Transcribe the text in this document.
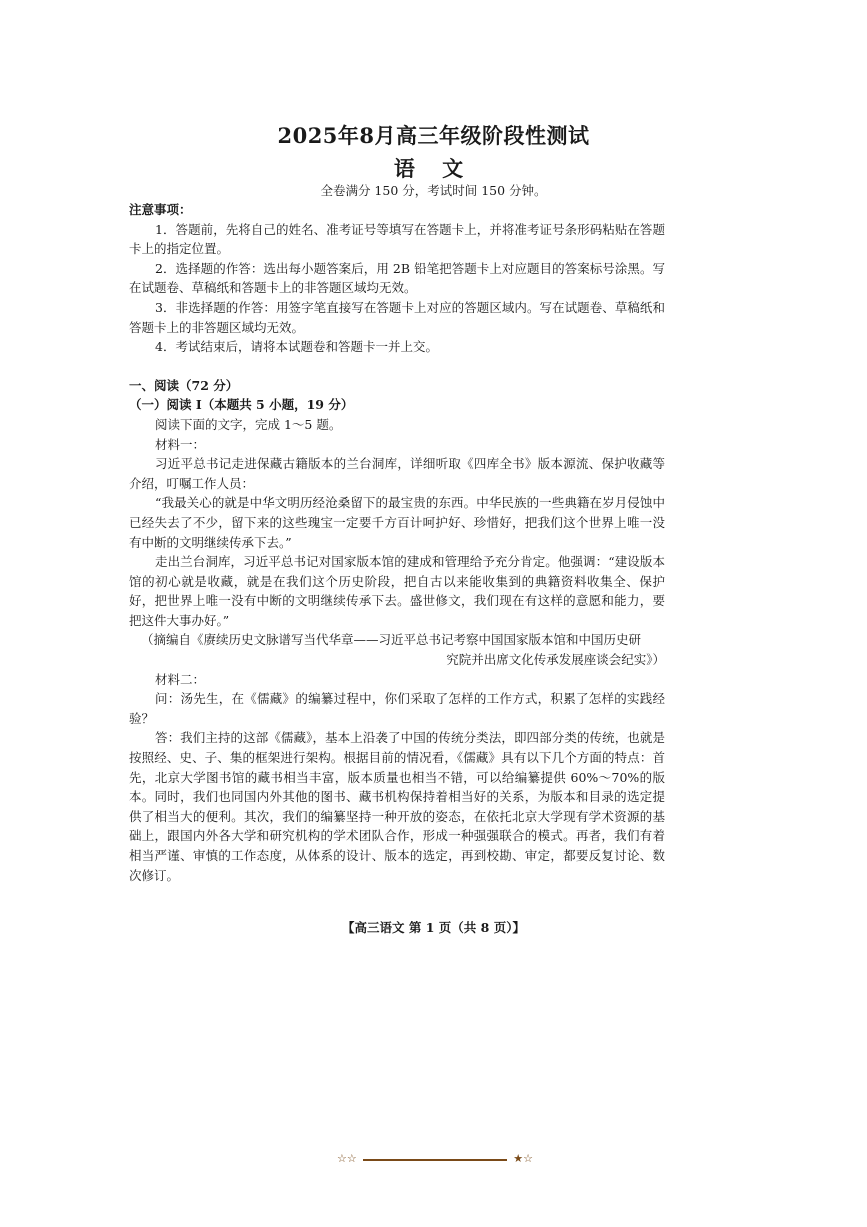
2025年8月高三年级阶段性测试
语 文
全卷满分 150 分，考试时间 150 分钟。

注意事项：

1．答题前，先将自己的姓名、准考证号等填写在答题卡上，并将准考证号条形码粘贴在答题卡上的指定位置。

2．选择题的作答：选出每小题答案后，用 2B 铅笔把答题卡上对应题目的答案标号涂黑。写在试题卷、草稿纸和答题卡上的非答题区域均无效。

3．非选择题的作答：用签字笔直接写在答题卡上对应的答题区域内。写在试题卷、草稿纸和答题卡上的非答题区域均无效。

4．考试结束后，请将本试题卷和答题卡一并上交。

一、阅读（72 分）

（一）阅读 I（本题共 5 小题，19 分）

阅读下面的文字，完成 1～5 题。

材料一：

习近平总书记走进保藏古籍版本的兰台洞库，详细听取《四库全书》版本源流、保护收藏等介绍，叮嘱工作人员：

“我最关心的就是中华文明历经沧桑留下的最宝贵的东西。中华民族的一些典籍在岁月侵蚀中已经失去了不少，留下来的这些瑰宝一定要千方百计呵护好、珍惜好，把我们这个世界上唯一没有中断的文明继续传承下去。”

走出兰台洞库，习近平总书记对国家版本馆的建成和管理给予充分肯定。他强调：“建设版本馆的初心就是收藏，就是在我们这个历史阶段，把自古以来能收集到的典籍资料收集全、保护好，把世界上唯一没有中断的文明继续传承下去。盛世修文，我们现在有这样的意愿和能力，要把这件大事办好。”

（摘编自《赓续历史文脉谱写当代华章——习近平总书记考察中国国家版本馆和中国历史研

究院并出席文化传承发展座谈会纪实》）

材料二：

问：汤先生，在《儒藏》的编纂过程中，你们采取了怎样的工作方式，积累了怎样的实践经验？

答：我们主持的这部《儒藏》，基本上沿袭了中国的传统分类法，即四部分类的传统，也就是按照经、史、子、集的框架进行架构。根据目前的情况看，《儒藏》具有以下几个方面的特点：首先，北京大学图书馆的藏书相当丰富，版本质量也相当不错，可以给编纂提供 60%～70%的版本。同时，我们也同国内外其他的图书、藏书机构保持着相当好的关系，为版本和目录的选定提供了相当大的便利。其次，我们的编纂坚持一种开放的姿态，在依托北京大学现有学术资源的基础上，跟国内外各大学和研究机构的学术团队合作，形成一种强强联合的模式。再者，我们有着相当严谨、审慎的工作态度，从体系的设计、版本的选定，再到校勘、审定，都要反复讨论、数次修订。

【高三语文 第 1 页（共 8 页）】
☆☆	★☆
